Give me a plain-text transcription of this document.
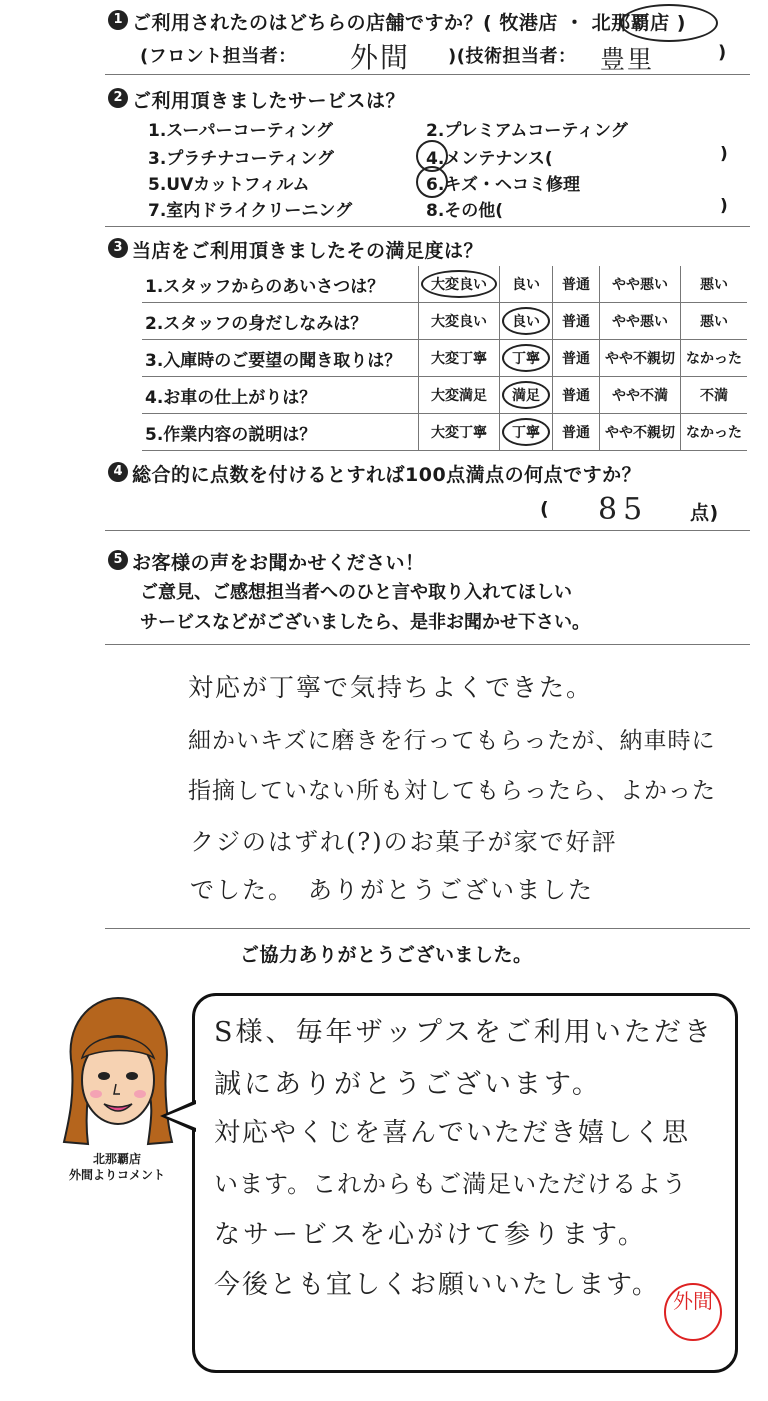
1 ご利用されたのはどちらの店舗ですか？( 牧港店 ・ 北那覇店 )
(フロント担当者： 外間 )(技術担当者： 豊里	)
2 ご利用頂きましたサービスは？
1.スーパーコーティング	2.プレミアムコーティング
3.プラチナコーティング	4.メンテナンス(	)
5.UVカットフィルム	6.キズ・ヘコミ修理
7.室内ドライクリーニング	8.その他(	)
3 当店をご利用頂きましたその満足度は？
1.スタッフからのあいさつは？	大変良い	良い	普通	やや悪い	悪い
2.スタッフの身だしなみは？	大変良い	良い	普通	やや悪い	悪い
3.入庫時のご要望の聞き取りは？	大変丁寧	丁寧	普通	やや不親切	なかった
4.お車の仕上がりは？	大変満足	満足	普通	やや不満	不満
5.作業内容の説明は？	大変丁寧	丁寧	普通	やや不親切	なかった
4 総合的に点数を付けるとすれば100点満点の何点ですか？
( 85 点)
5 お客様の声をお聞かせください！
ご意見、ご感想担当者へのひと言や取り入れてほしい
サービスなどがございましたら、是非お聞かせ下さい。
対応が丁寧で気持ちよくできた。
細かいキズに磨きを行ってもらったが、納車時に
指摘していない所も対してもらったら、よかった
クジのはずれ(?)のお菓子が家で好評
でした。　ありがとうございました
ご協力ありがとうございました。
北那覇店
外間よりコメント
S様、毎年ザップスをご利用いただき
誠にありがとうございます。
対応やくじを喜んでいただき嬉しく思
います。これからもご満足いただけるよう
なサービスを心がけて参ります。
今後とも宜しくお願いいたします。
外間
